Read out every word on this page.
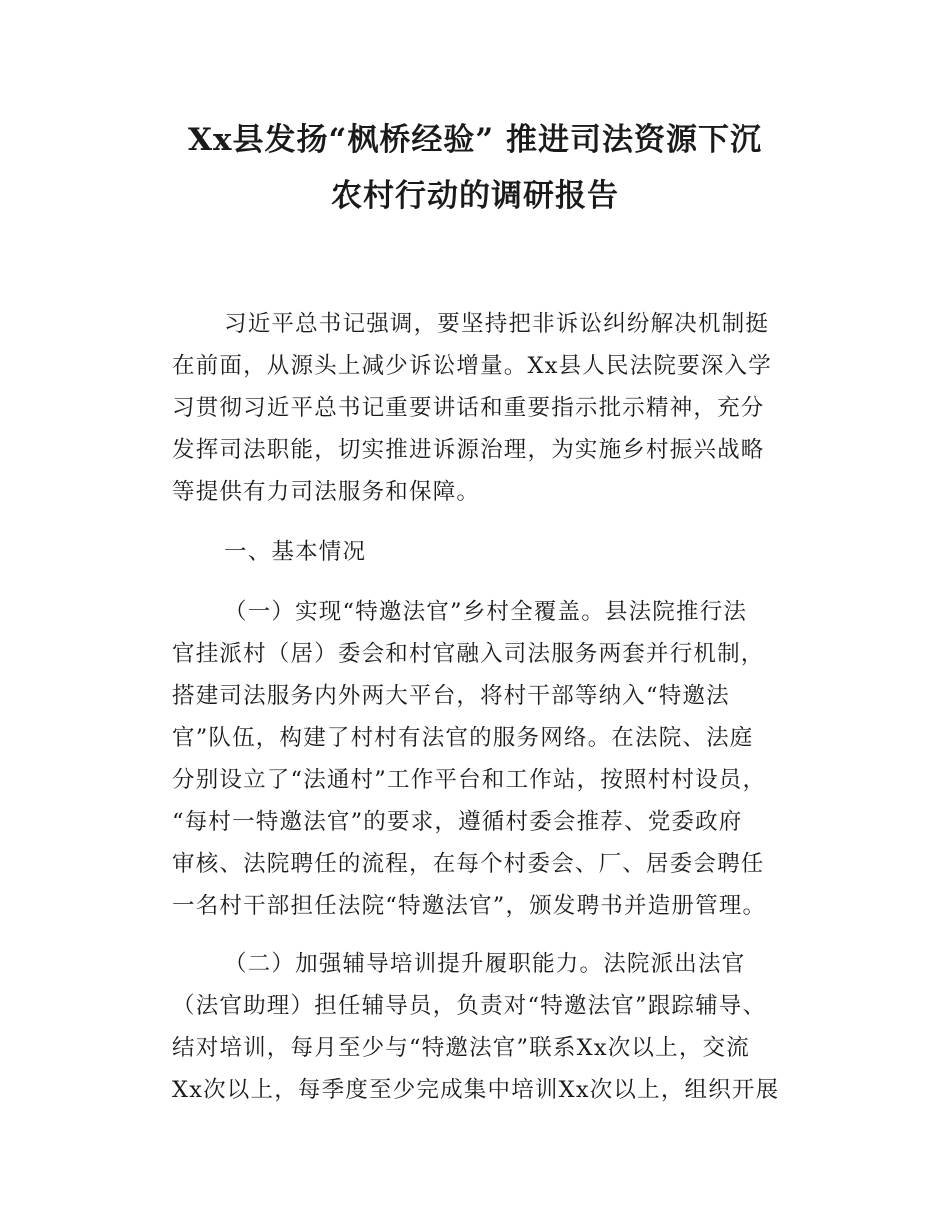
Xx县发扬“枫桥经验” 推进司法资源下沉
农村行动的调研报告
习近平总书记强调，要坚持把非诉讼纠纷解决机制挺
在前面，从源头上减少诉讼增量。Xx县人民法院要深入学
习贯彻习近平总书记重要讲话和重要指示批示精神，充分
发挥司法职能，切实推进诉源治理，为实施乡村振兴战略
等提供有力司法服务和保障。
一、基本情况
（一）实现“特邀法官”乡村全覆盖。县法院推行法
官挂派村（居）委会和村官融入司法服务两套并行机制，
搭建司法服务内外两大平台，将村干部等纳入“特邀法
官”队伍，构建了村村有法官的服务网络。在法院、法庭
分别设立了“法通村”工作平台和工作站，按照村村设员，
“每村一特邀法官”的要求，遵循村委会推荐、党委政府
审核、法院聘任的流程，在每个村委会、厂、居委会聘任
一名村干部担任法院“特邀法官”，颁发聘书并造册管理。
（二）加强辅导培训提升履职能力。法院派出法官
（法官助理）担任辅导员，负责对“特邀法官”跟踪辅导、
结对培训，每月至少与“特邀法官”联系Xx次以上，交流
Xx次以上，每季度至少完成集中培训Xx次以上，组织开展
